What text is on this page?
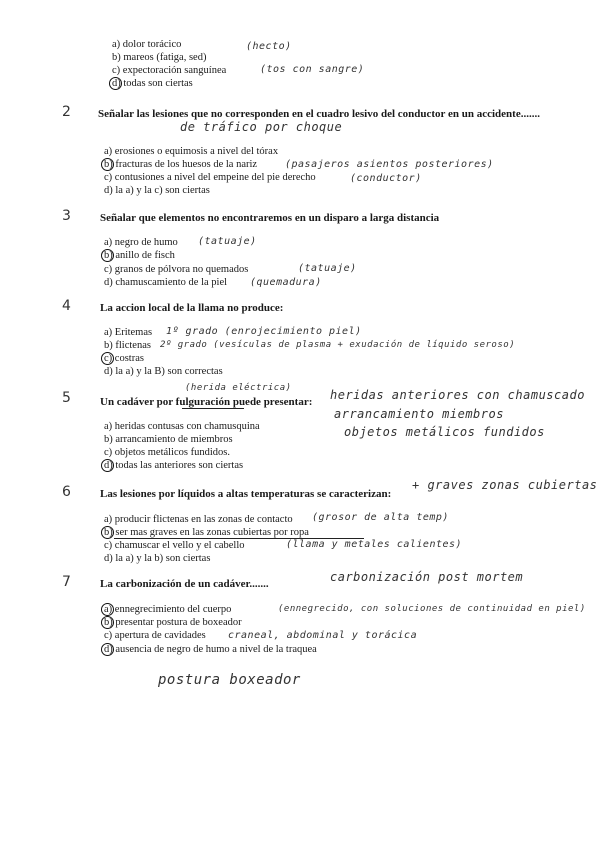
a) dolor torácico
b) mareos (fatiga, sed)
c) expectoración sanguínea
d) todas son ciertas
(hecto)
(tos con sangre)
2 Señalar las lesiones que no corresponden en el cuadro lesivo del conductor en un accidente.......
de tráfico por choque
a) erosiones o equimosis a nivel del tórax
b) fracturas de los huesos de la nariz
c) contusiones a nivel del empeine del pie derecho
d) la a) y la c) son ciertas
(pasajeros asientos posteriores)
(conductor)
3	Señalar que elementos no encontraremos en un disparo a larga distancia
a) negro de humo
b) anillo de fisch
c) granos de pólvora no quemados
d) chamuscamiento de la piel
(tatuaje)
(tatuaje)
(quemadura)
4	La accion local de la llama no produce:
a) Eritemas
b) flictenas
c) costras
d) la a) y la B) son correctas
1º grado (enrojecimiento piel)
2º grado (vesículas de plasma + exudación de líquido seroso)
5
(herida eléctrica)
Un cadáver por fulguración puede presentar: heridas anteriores con chamuscado
arrancamiento miembros
objetos metálicos fundidos
a) heridas contusas con chamusquina
b) arrancamiento de miembros
c) objetos metálicos fundidos.
d) todas las anteriores son ciertas
6	Las lesiones por líquidos a altas temperaturas se caracterizan:
+ graves zonas cubiertas
a) producir flictenas en las zonas de contacto
b) ser mas graves en las zonas cubiertas por ropa
c) chamuscar el vello y el cabello
d) la a) y la b) son ciertas
(grosor de alta temp)
(llama y metales calientes)
7	La carbonización de un cadáver.......	carbonización post mortem
a) ennegrecimiento del cuerpo
b) presentar postura de boxeador
c) apertura de cavidades
d) ausencia de negro de humo a nivel de la traquea
(ennegrecido, con soluciones de continuidad en piel)
craneal, abdominal y torácica
postura boxeador
